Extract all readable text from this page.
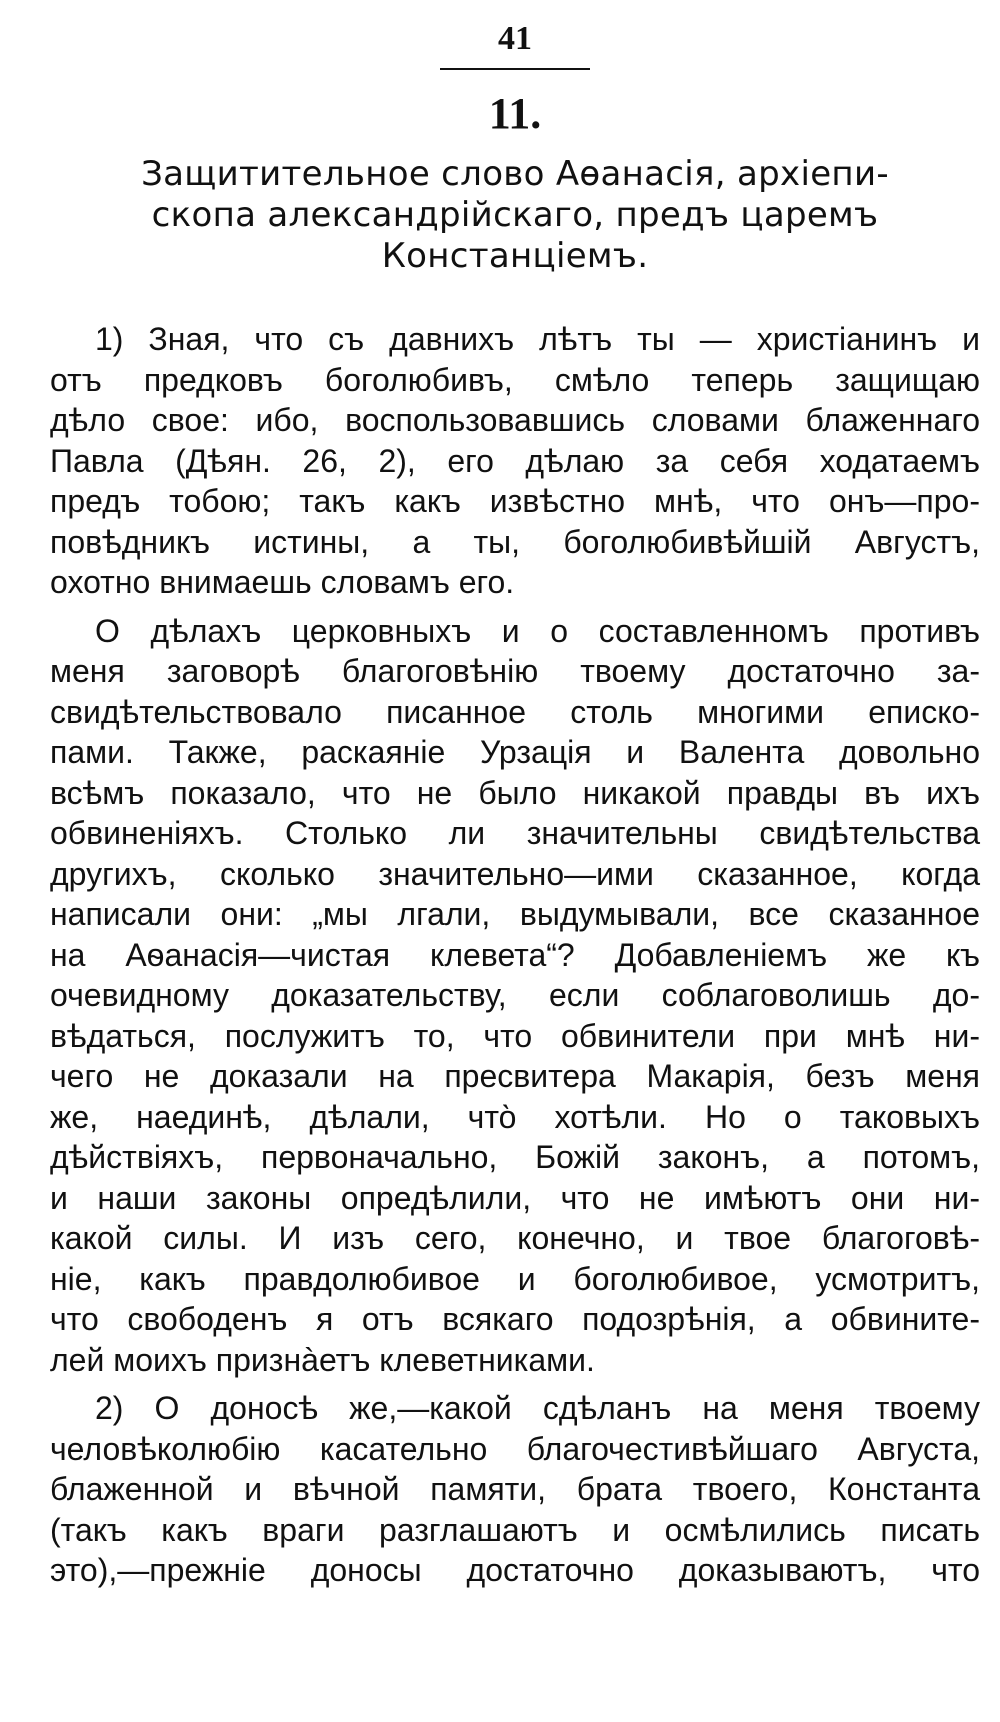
41
11.
Защитительное слово Аѳанасія, архіепи-
скопа александрійскаго, предъ царемъ
Констанціемъ.
1) Зная, что съ давнихъ лѣтъ ты — христіанинъ и
отъ предковъ боголюбивъ, смѣло теперь защищаю
дѣло свое: ибо, воспользовавшись словами блаженнаго
Павла (Дѣян. 26, 2), его дѣлаю за себя ходатаемъ
предъ тобою; такъ какъ извѣстно мнѣ, что онъ—про-
повѣдникъ истины, а ты, боголюбивѣйшій Августъ,
охотно внимаешь словамъ его.
О дѣлахъ церковныхъ и о составленномъ противъ
меня заговорѣ благоговѣнію твоему достаточно за-
свидѣтельствовало писанное столь многими еписко-
пами. Также, раскаяніе Урзація и Валента довольно
всѣмъ показало, что не было никакой правды въ ихъ
обвиненіяхъ. Столько ли значительны свидѣтельства
другихъ, сколько значительно—ими сказанное, когда
написали они: „мы лгали, выдумывали, все сказанное
на Аѳанасія—чистая клевета“? Добавленіемъ же къ
очевидному доказательству, если соблаговолишь до-
вѣдаться, послужитъ то, что обвинители при мнѣ ни-
чего не доказали на пресвитера Макарія, безъ меня
же, наединѣ, дѣлали, что̀ хотѣли. Но о таковыхъ
дѣйствіяхъ, первоначально, Божій законъ, а потомъ,
и наши законы опредѣлили, что не имѣютъ они ни-
какой силы. И изъ сего, конечно, и твое благоговѣ-
ніе, какъ правдолюбивое и боголюбивое, усмотритъ,
что свободенъ я отъ всякаго подозрѣнія, а обвините-
лей моихъ признàетъ клеветниками.
2) О доносѣ же,—какой сдѣланъ на меня твоему
человѣколюбію касательно благочестивѣйшаго Августа,
блаженной и вѣчной памяти, брата твоего, Константа
(такъ какъ враги разглашаютъ и осмѣлились писать
это),—прежніе доносы достаточно доказываютъ, что
